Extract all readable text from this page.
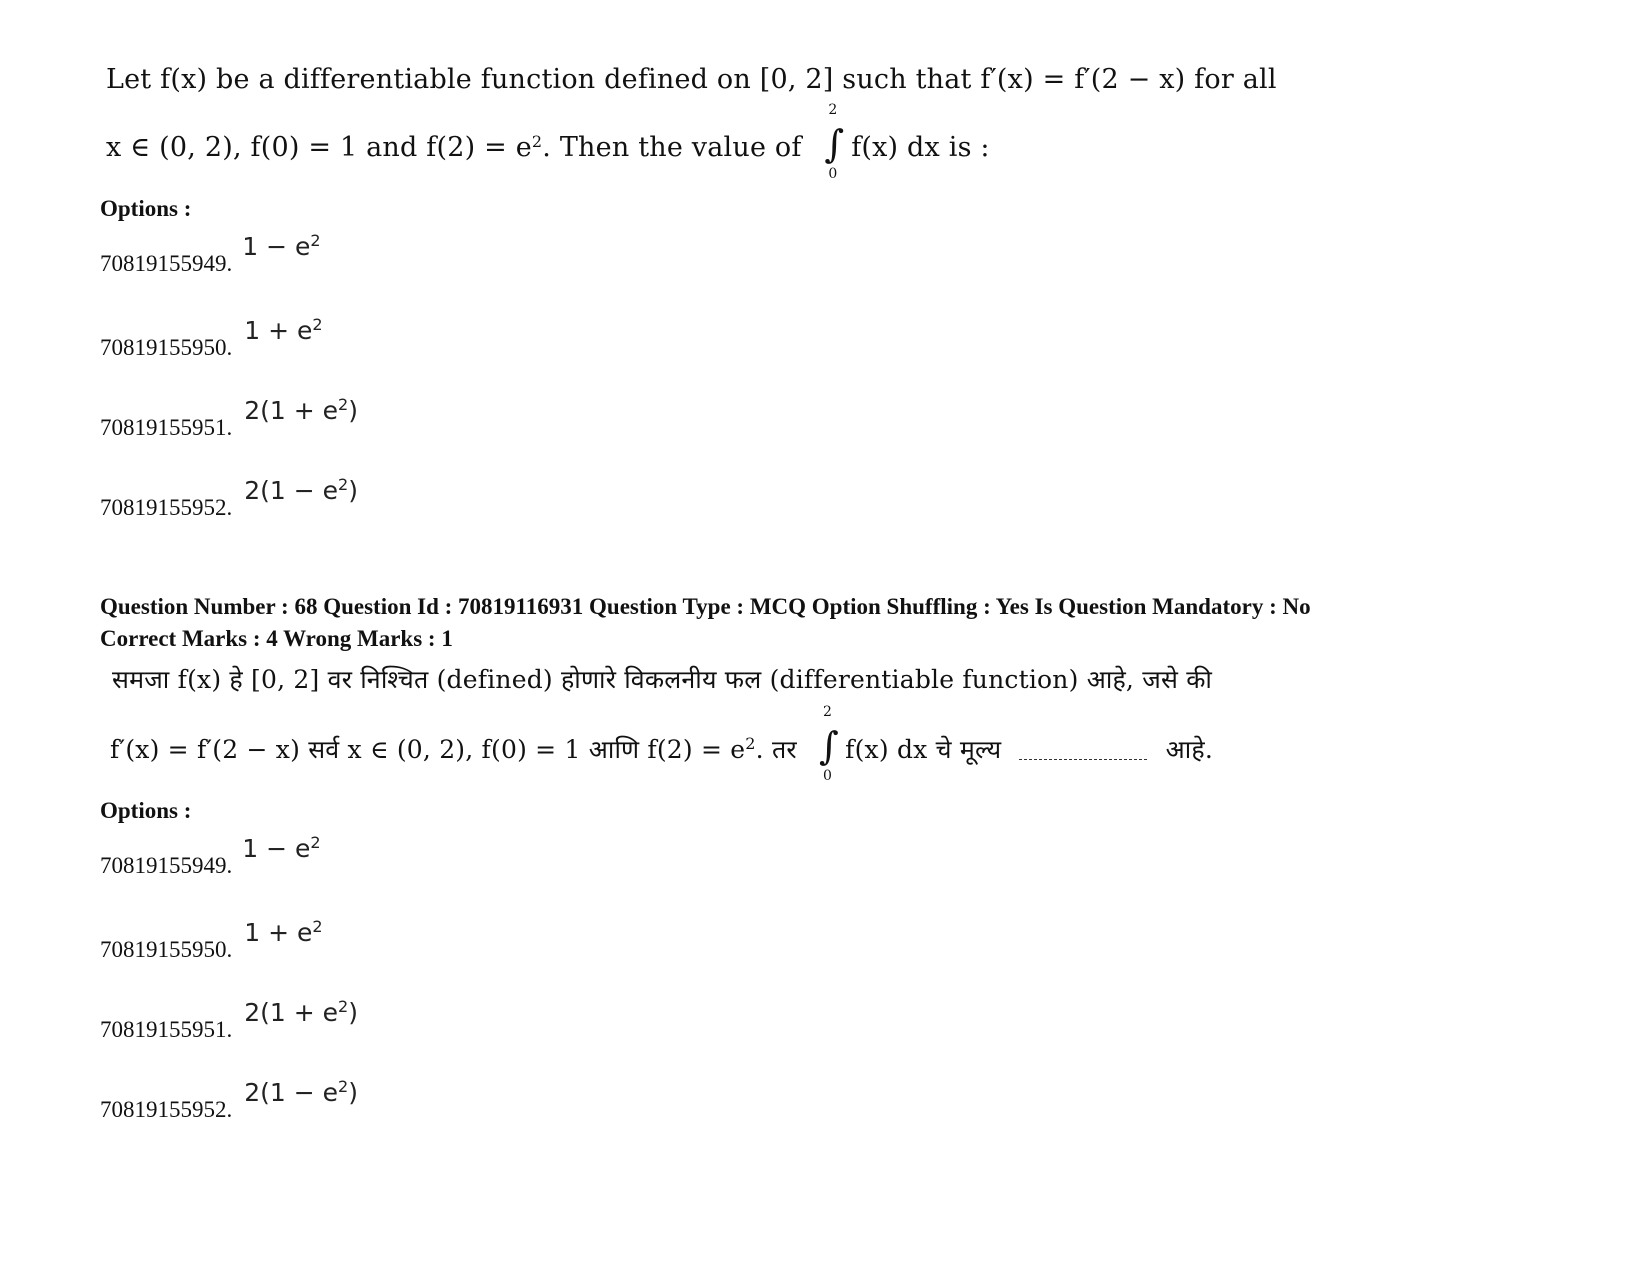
Let f(x) be a differentiable function defined on [0, 2] such that f′(x) = f′(2 − x) for all
x ∈ (0, 2), f(0) = 1 and $f(2) = e^2$. Then the value of
2
∫
0
f(x) dx is :
Options :
70819155949. $1 - e^2$
70819155950. $1 + e^2$
70819155951. $2(1 + e^2)$
70819155952. $2(1 - e^2)$
Question Number : 68 Question Id : 70819116931 Question Type : MCQ Option Shuffling : Yes Is Question Mandatory : No
Correct Marks : 4 Wrong Marks : 1
समजा f(x) हे [0, 2] वर निश्चित (defined) होणारे विकलनीय फल (differentiable function) आहे, जसे की
f′(x) = f′(2 − x) सर्व x ∈ (0, 2), f(0) = 1 आणि $f(2) = e^2$. तर
2
∫
0
f(x) dx चे मूल्य	आहे.
Options :
70819155949. $1 - e^2$
70819155950. $1 + e^2$
70819155951. $2(1 + e^2)$
70819155952. $2(1 - e^2)$
